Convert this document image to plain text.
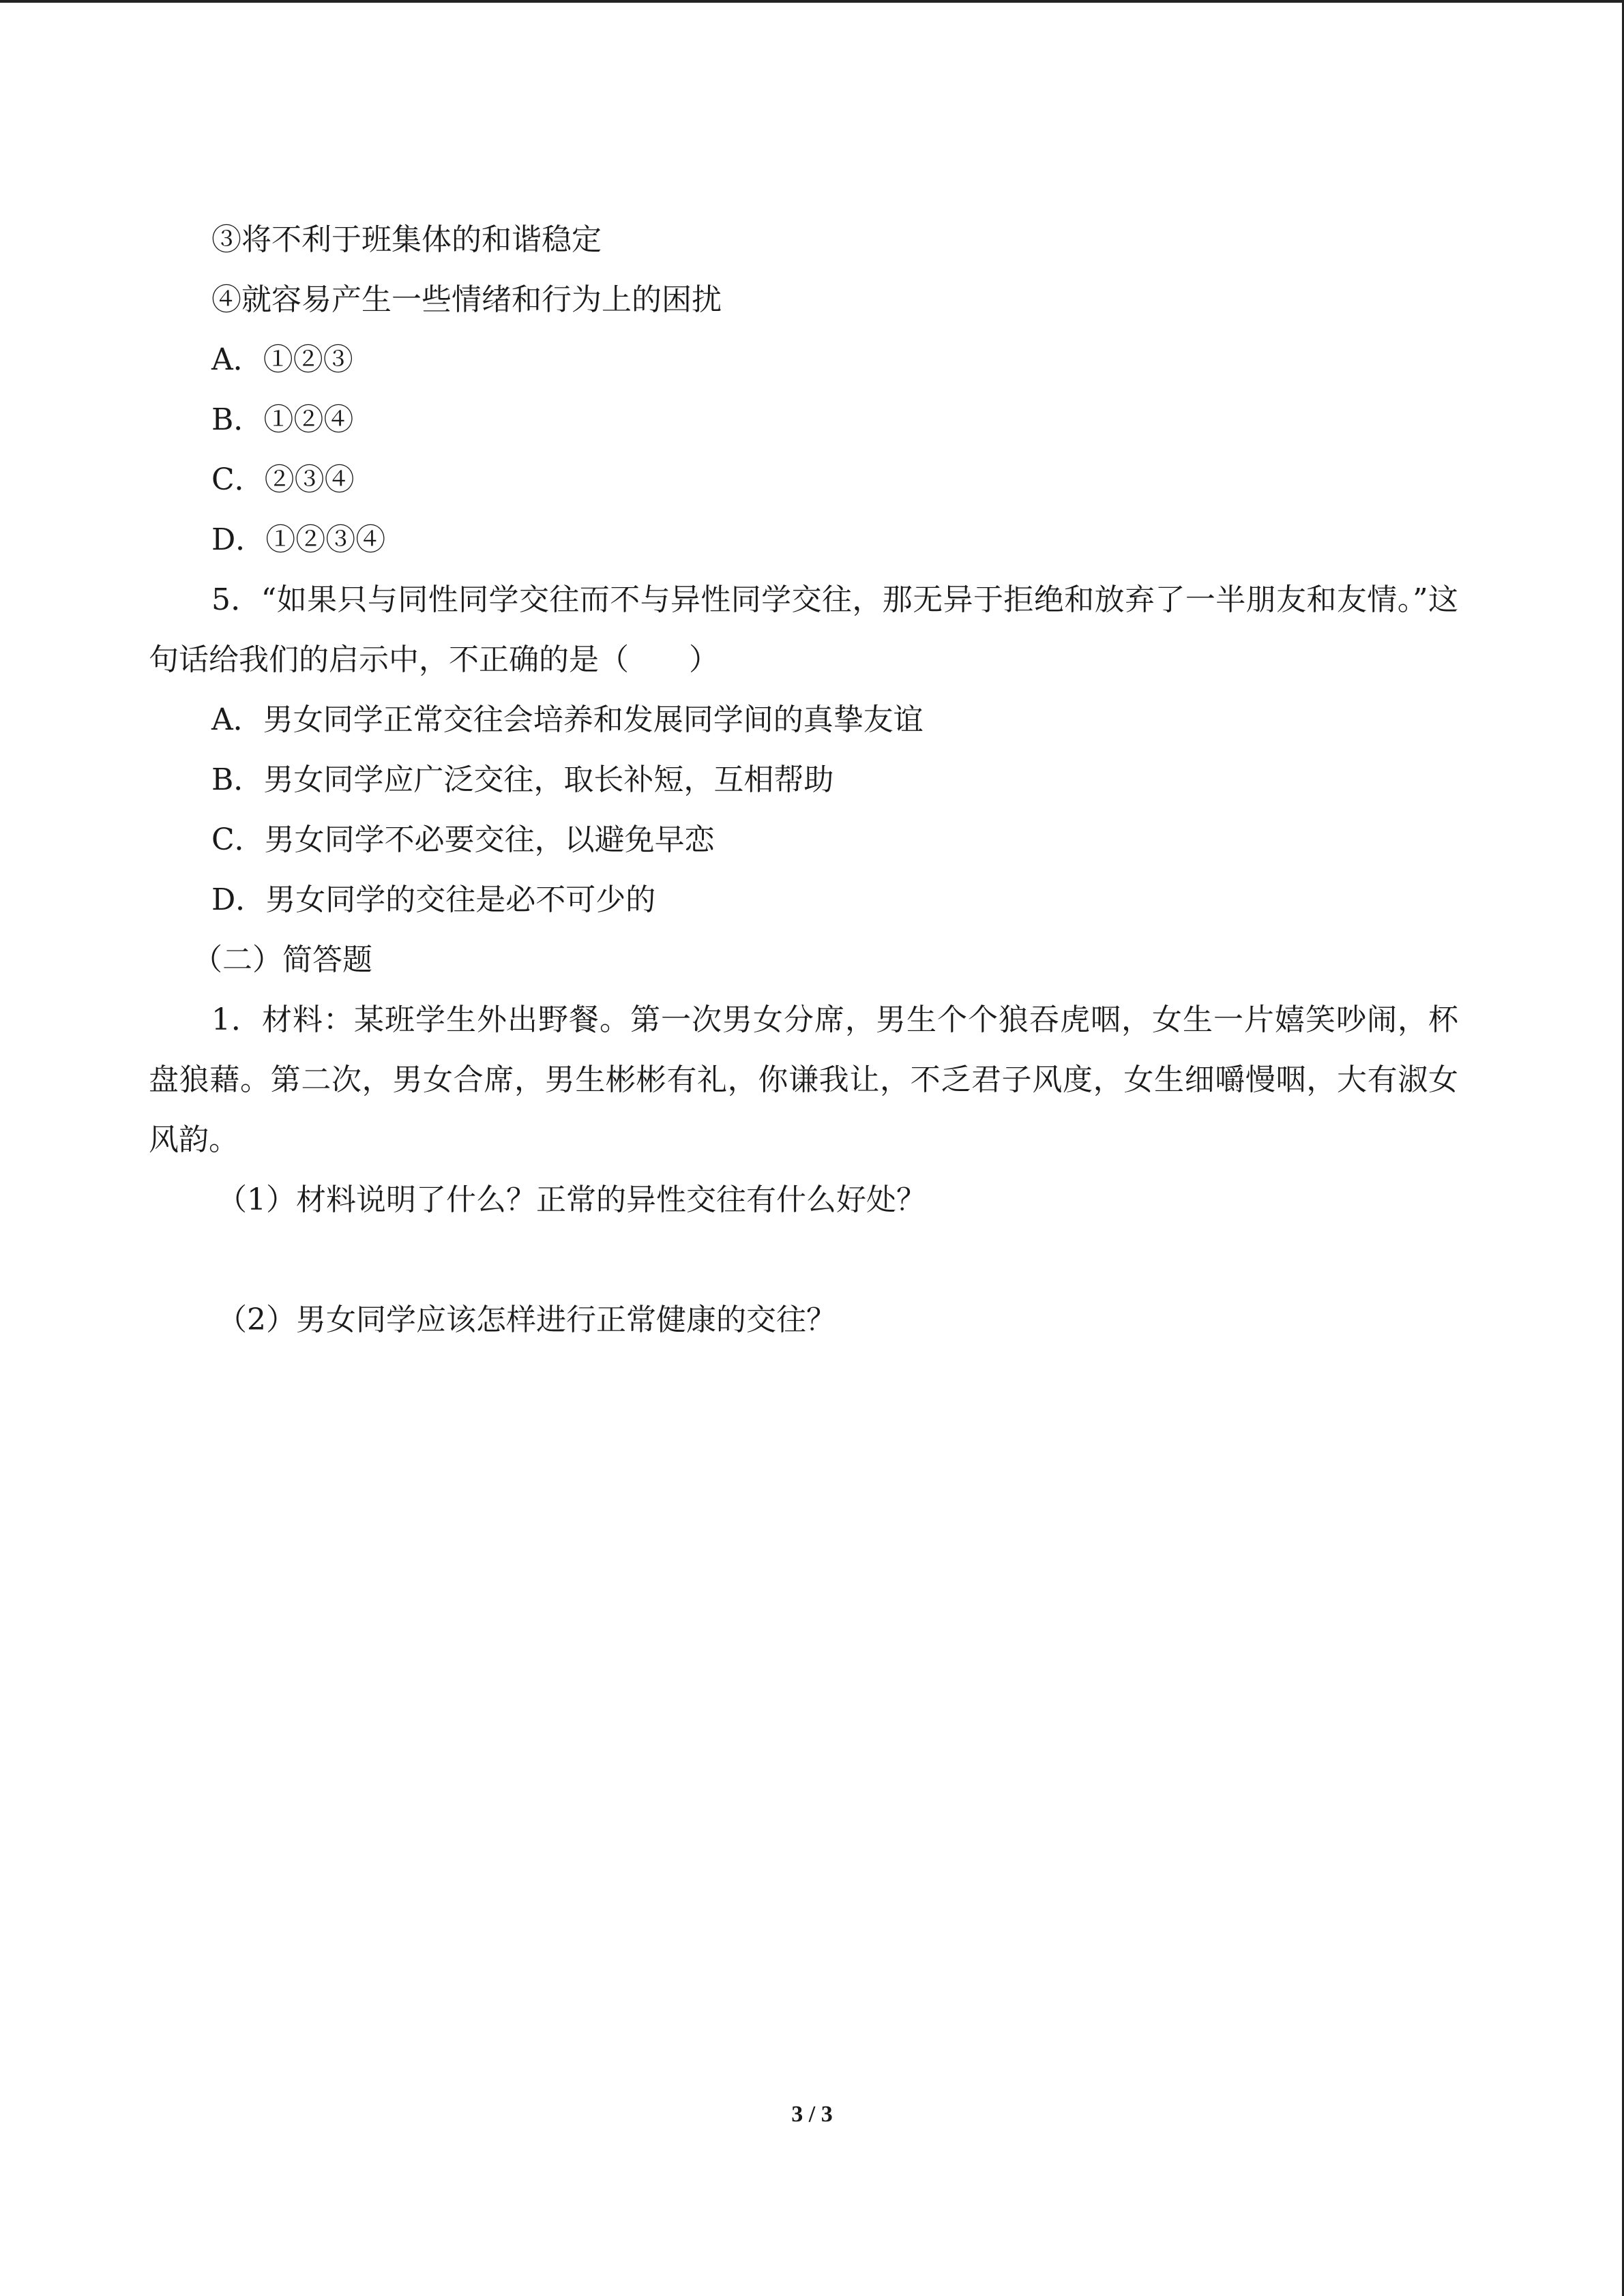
③将不利于班集体的和谐稳定
④就容易产生一些情绪和行为上的困扰
A．①②③
B．①②④
C．②③④
D．①②③④
5．“如果只与同性同学交往而不与异性同学交往，那无异于拒绝和放弃了一半朋友和友情。”这句话给我们的启示中，不正确的是（　　）
A．男女同学正常交往会培养和发展同学间的真挚友谊
B．男女同学应广泛交往，取长补短，互相帮助
C．男女同学不必要交往，以避免早恋
D．男女同学的交往是必不可少的
（二）简答题
1．材料：某班学生外出野餐。第一次男女分席，男生个个狼吞虎咽，女生一片嬉笑吵闹，杯盘狼藉。第二次，男女合席，男生彬彬有礼，你谦我让，不乏君子风度，女生细嚼慢咽，大有淑女风韵。
（1）材料说明了什么？正常的异性交往有什么好处？
（2）男女同学应该怎样进行正常健康的交往？
3 / 3
